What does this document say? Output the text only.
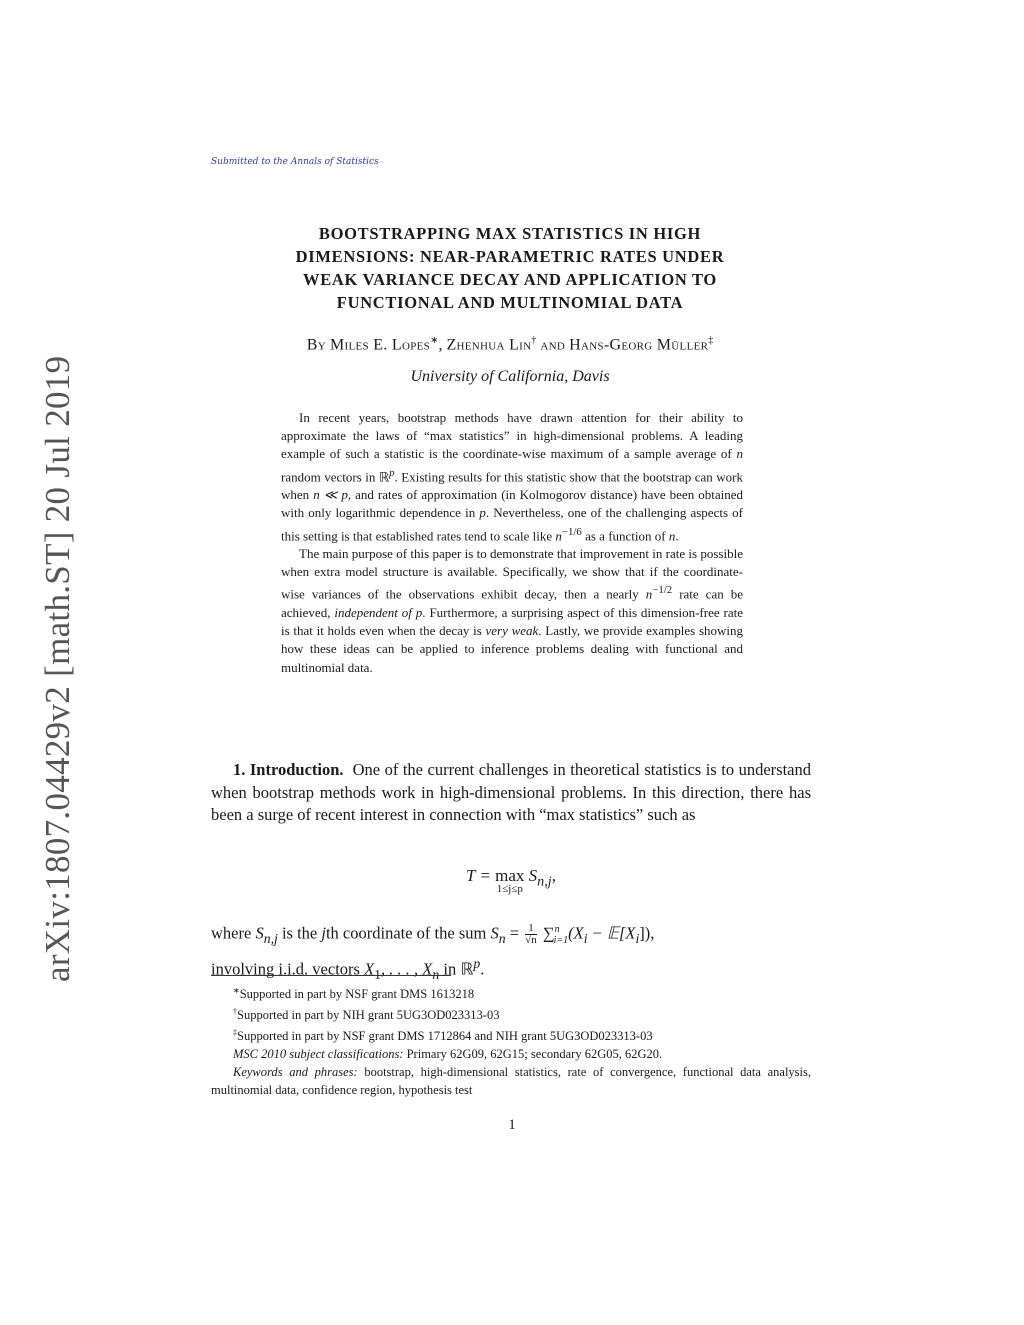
Submitted to the Annals of Statistics
arXiv:1807.04429v2 [math.ST] 20 Jul 2019
BOOTSTRAPPING MAX STATISTICS IN HIGH
DIMENSIONS: NEAR-PARAMETRIC RATES UNDER
WEAK VARIANCE DECAY AND APPLICATION TO
FUNCTIONAL AND MULTINOMIAL DATA
By Miles E. Lopes∗, Zhenhua Lin† and Hans-Georg Müller‡
University of California, Davis

In recent years, bootstrap methods have drawn attention for their ability to approximate the laws of “max statistics” in high-dimensional problems. A leading example of such a statistic is the coordinate-wise maximum of a sample average of n random vectors in ℝ$^p$. Existing results for this statistic show that the bootstrap can work when n ≪ p, and rates of approximation (in Kolmogorov distance) have been obtained with only logarithmic dependence in p. Nevertheless, one of the challenging aspects of this setting is that established rates tend to scale like $n^{-1/6}$ as a function of n.

The main purpose of this paper is to demonstrate that improvement in rate is possible when extra model structure is available. Specifically, we show that if the coordinate-wise variances of the observations exhibit decay, then a nearly $n^{-1/2}$ rate can be achieved, independent of p. Furthermore, a surprising aspect of this dimension-free rate is that it holds even when the decay is very weak. Lastly, we provide examples showing how these ideas can be applied to inference problems dealing with functional and multinomial data.

1. Introduction. One of the current challenges in theoretical statistics is to understand when bootstrap methods work in high-dimensional problems. In this direction, there has been a surge of recent interest in connection with “max statistics” such as

T = max
1≤j≤p
$S_{n,j}$,
where $S_{n,j}$ is the jth coordinate of the sum $S_n = \frac{1}{√n} \sum^n_{i=1}(X_i$ − $𝔼[X_i]$),
involving i.i.d. vectors $X_1$, . . . , $X_n$ in ℝ$^p$.
∗Supported in part by NSF grant DMS 1613218
†Supported in part by NIH grant 5UG3OD023313-03
‡Supported in part by NSF grant DMS 1712864 and NIH grant 5UG3OD023313-03
MSC 2010 subject classifications: Primary 62G09, 62G15; secondary 62G05, 62G20.
Keywords and phrases: bootstrap, high-dimensional statistics, rate of convergence, functional data analysis, multinomial data, confidence region, hypothesis test
1
